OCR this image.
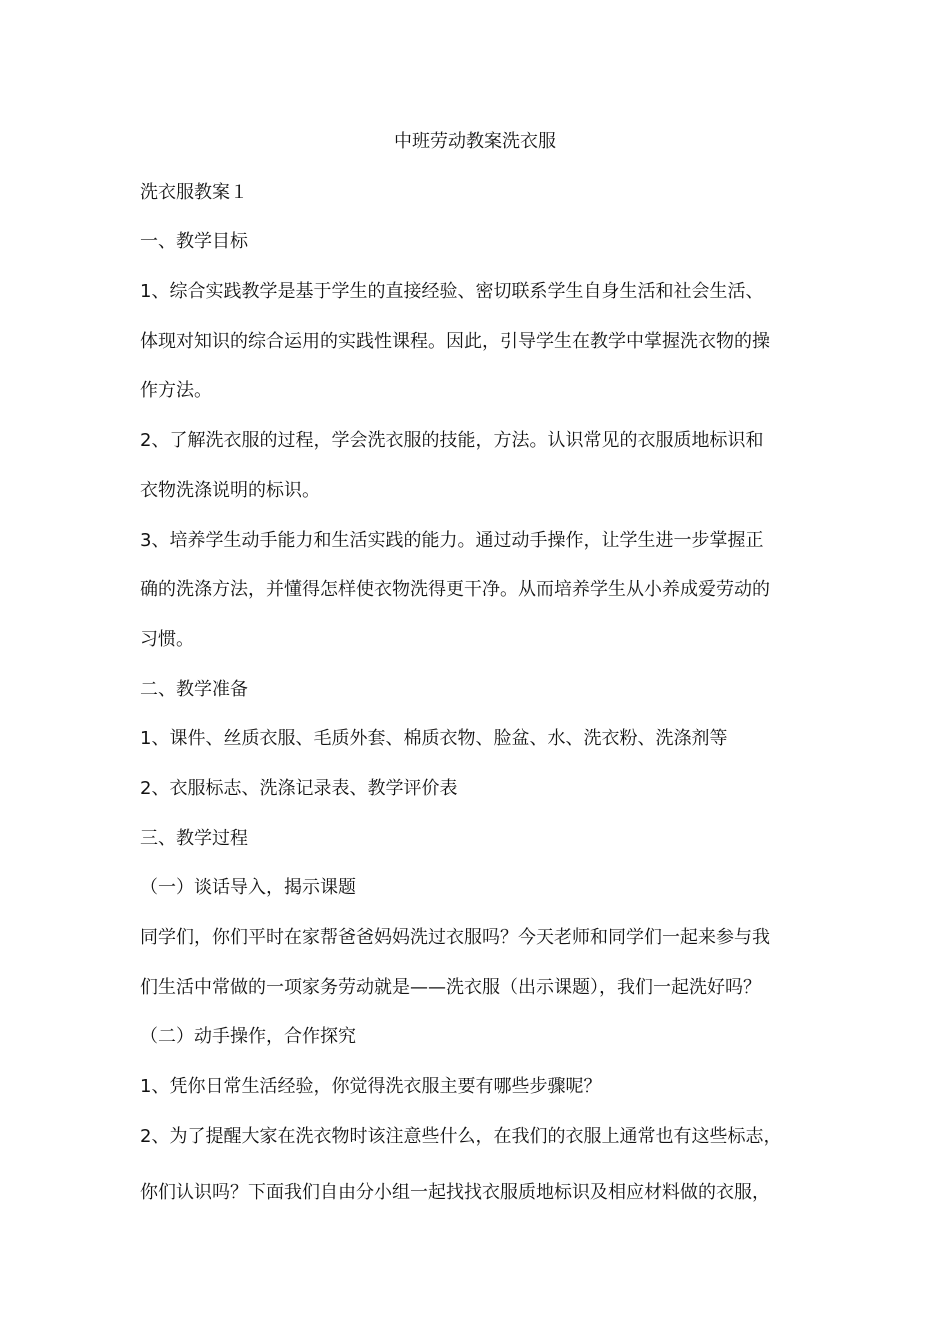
中班劳动教案洗衣服
洗衣服教案１
一、教学目标
1、综合实践教学是基于学生的直接经验、密切联系学生自身生活和社会生活、
体现对知识的综合运用的实践性课程。因此，引导学生在教学中掌握洗衣物的操
作方法。
2、了解洗衣服的过程，学会洗衣服的技能，方法。认识常见的衣服质地标识和
衣物洗涤说明的标识。
3、培养学生动手能力和生活实践的能力。通过动手操作，让学生进一步掌握正
确的洗涤方法，并懂得怎样使衣物洗得更干净。从而培养学生从小养成爱劳动的
习惯。
二、教学准备
1、课件、丝质衣服、毛质外套、棉质衣物、脸盆、水、洗衣粉、洗涤剂等
2、衣服标志、洗涤记录表、教学评价表
三、教学过程
（一）谈话导入，揭示课题
同学们，你们平时在家帮爸爸妈妈洗过衣服吗？今天老师和同学们一起来参与我
们生活中常做的一项家务劳动就是——洗衣服（出示课题），我们一起洗好吗？
（二）动手操作，合作探究
1、凭你日常生活经验，你觉得洗衣服主要有哪些步骤呢？
2、为了提醒大家在洗衣物时该注意些什么，在我们的衣服上通常也有这些标志，
你们认识吗？下面我们自由分小组一起找找衣服质地标识及相应材料做的衣服，
